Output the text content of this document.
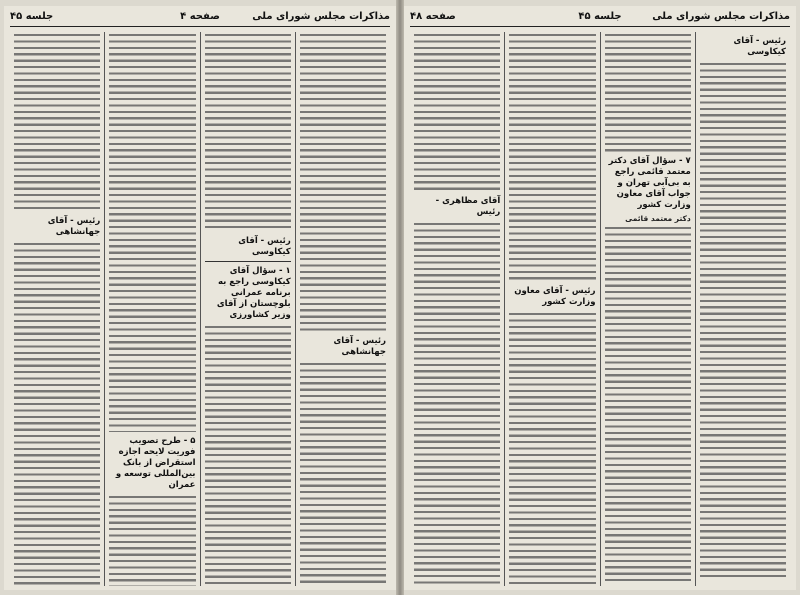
مذاکرات مجلس شورای ملی
صفحه ۴
جلسه ۴۵
رئیس - آقای جهانشاهی
رئیس - آقای کیکاوسی
۱ - سؤال آقای کیکاوسی راجع به برنامه عمرانی بلوچستان از آقای وزیر کشاورزی
۵ - طرح تصویب فوریت لایحه اجازه استقراض از بانک بین‌المللی توسعه و عمران
رئیس - آقای جهانشاهی
مذاکرات مجلس شورای ملی
جلسه ۴۵
صفحه ۴۸
رئیس - آقای کیکاوسی
۷ - سؤال آقای دکتر معتمد قائمی راجع به بی‌آبی تهران و جواب آقای معاون وزارت کشور
دکتر معتمد قائمی
رئیس - آقای معاون وزارت کشور
آقای مظاهری - رئیس
